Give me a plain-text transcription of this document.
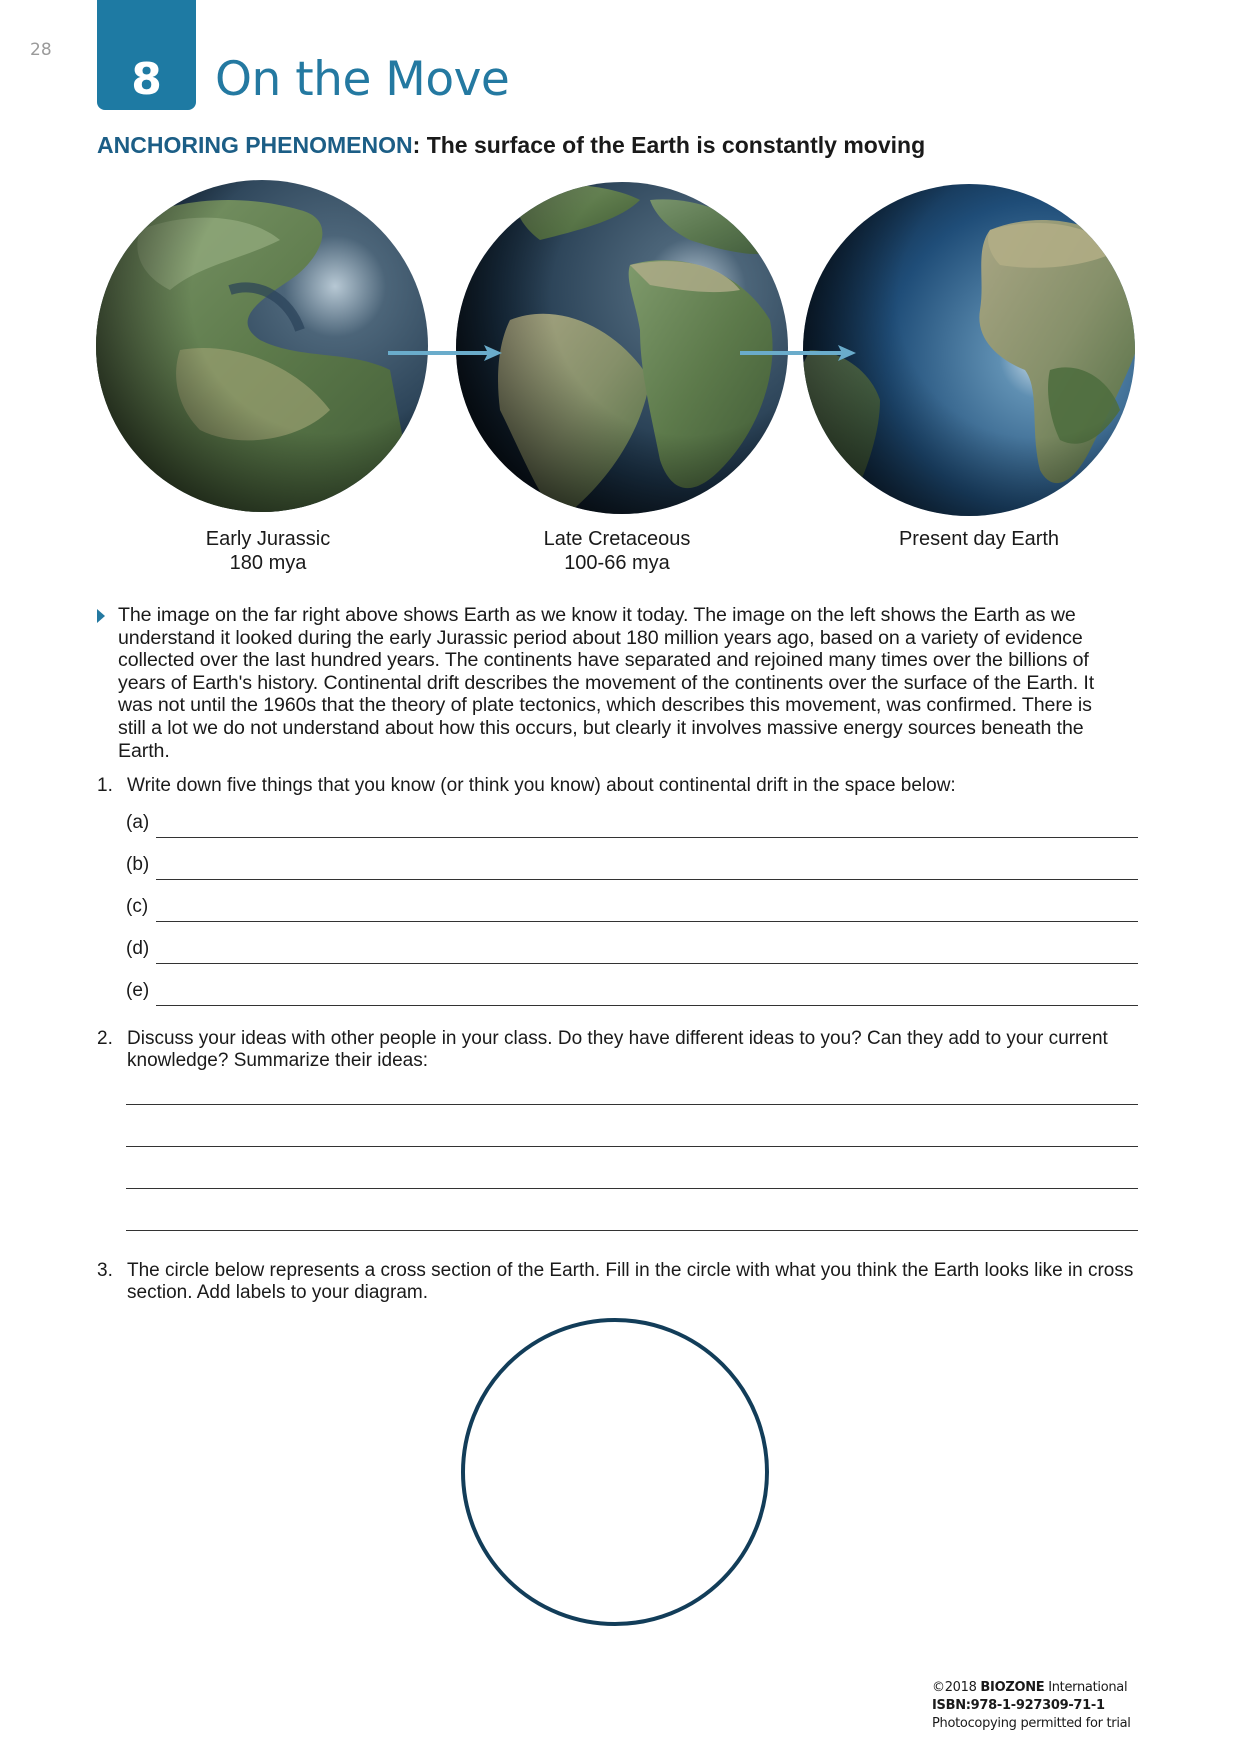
28
8	On the Move
ANCHORING PHENOMENON: The surface of the Earth is constantly moving
Early Jurassic
180 mya
Late Cretaceous
100-66 mya
Present day Earth
The image on the far right above shows Earth as we know it today. The image on the left shows the Earth as we understand it looked during the early Jurassic period about 180 million years ago, based on a variety of evidence collected over the last hundred years. The continents have separated and rejoined many times over the billions of years of Earth's history. Continental drift describes the movement of the continents over the surface of the Earth. It was not until the 1960s that the theory of plate tectonics, which describes this movement, was confirmed. There is still a lot we do not understand about how this occurs, but clearly it involves massive energy sources beneath the Earth.
1. Write down five things that you know (or think you know) about continental drift in the space below:
(a)
(b)
(c)
(d)
(e)
2. Discuss your ideas with other people in your class. Do they have different ideas to you? Can they add to your current knowledge? Summarize their ideas:
3. The circle below represents a cross section of the Earth. Fill in the circle with what you think the Earth looks like in cross section. Add labels to your diagram.
©2018 BIOZONE International
ISBN:978-1-927309-71-1
Photocopying permitted for trial
